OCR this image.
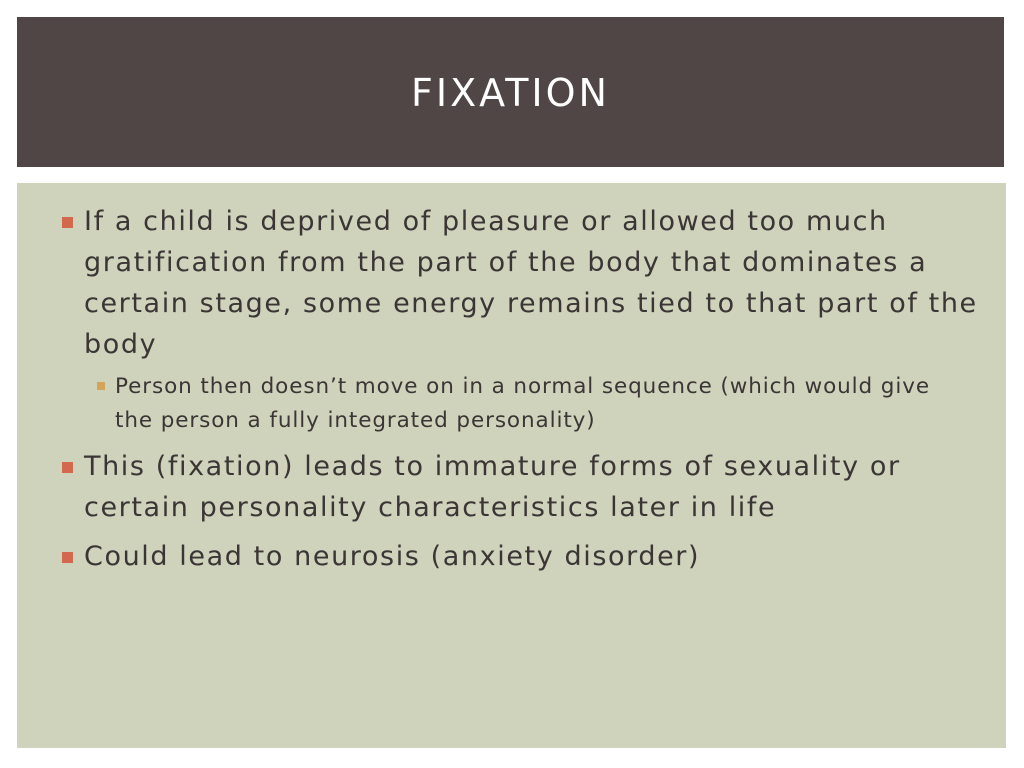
FIXATION
If a child is deprived of pleasure or allowed too much gratification from the part of the body that dominates a certain stage, some energy remains tied to that part of the body
Person then doesn’t move on in a normal sequence (which would give the person a fully integrated personality)
This (fixation) leads to immature forms of sexuality or certain personality characteristics later in life
Could lead to neurosis (anxiety disorder)
